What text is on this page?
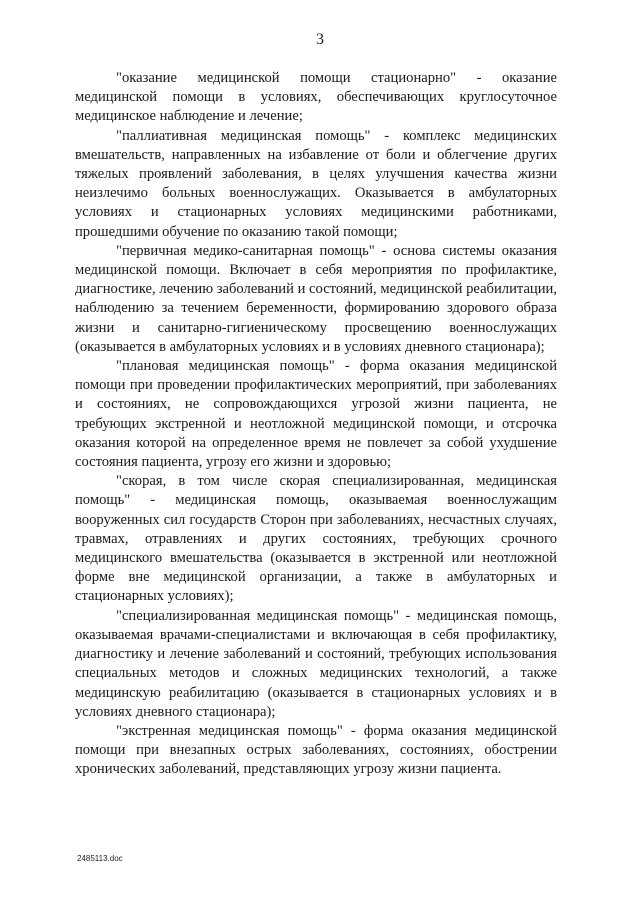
3

"оказание медицинской помощи стационарно" - оказание медицинской помощи в условиях, обеспечивающих круглосуточное медицинское наблюдение и лечение;

"паллиативная медицинская помощь" - комплекс медицинских вмешательств, направленных на избавление от боли и облегчение других тяжелых проявлений заболевания, в целях улучшения качества жизни неизлечимо больных военнослужащих. Оказывается в амбулаторных условиях и стационарных условиях медицинскими работниками, прошедшими обучение по оказанию такой помощи;

"первичная медико-санитарная помощь" - основа системы оказания медицинской помощи. Включает в себя мероприятия по профилактике, диагностике, лечению заболеваний и состояний, медицинской реабилитации, наблюдению за течением беременности, формированию здорового образа жизни и санитарно-гигиеническому просвещению военнослужащих (оказывается в амбулаторных условиях и в условиях дневного стационара);

"плановая медицинская помощь" - форма оказания медицинской помощи при проведении профилактических мероприятий, при заболеваниях и состояниях, не сопровождающихся угрозой жизни пациента, не требующих экстренной и неотложной медицинской помощи, и отсрочка оказания которой на определенное время не повлечет за собой ухудшение состояния пациента, угрозу его жизни и здоровью;

"скорая, в том числе скорая специализированная, медицинская помощь" - медицинская помощь, оказываемая военнослужащим вооруженных сил государств Сторон при заболеваниях, несчастных случаях, травмах, отравлениях и других состояниях, требующих срочного медицинского вмешательства (оказывается в экстренной или неотложной форме вне медицинской организации, а также в амбулаторных и стационарных условиях);

"специализированная медицинская помощь" - медицинская помощь, оказываемая врачами-специалистами и включающая в себя профилактику, диагностику и лечение заболеваний и состояний, требующих использования специальных методов и сложных медицинских технологий, а также медицинскую реабилитацию (оказывается в стационарных условиях и в условиях дневного стационара);

"экстренная медицинская помощь" - форма оказания медицинской помощи при внезапных острых заболеваниях, состояниях, обострении хронических заболеваний, представляющих угрозу жизни пациента.

2485113.doc
